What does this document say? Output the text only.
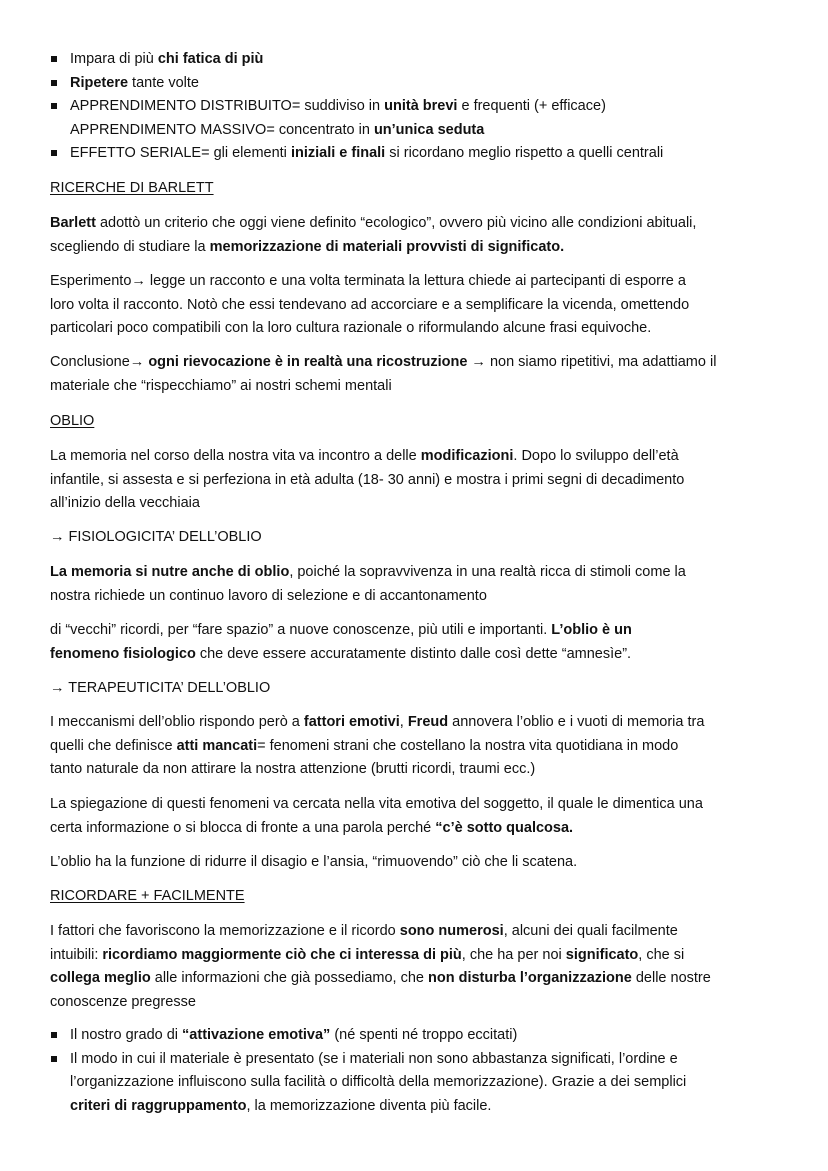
Impara di più chi fatica di più
Ripetere tante volte
APPRENDIMENTO DISTRIBUITO= suddiviso in unità brevi e frequenti (+ efficace)
APPRENDIMENTO MASSIVO= concentrato in un’unica seduta
EFFETTO SERIALE= gli elementi iniziali e finali si ricordano meglio rispetto a quelli centrali

RICERCHE DI BARLETT

Barlett adottò un criterio che oggi viene definito “ecologico”, ovvero più vicino alle condizioni abituali,
scegliendo di studiare la memorizzazione di materiali provvisti di significato.

Esperimento→ legge un racconto e una volta terminata la lettura chiede ai partecipanti di esporre a
loro volta il racconto. Notò che essi tendevano ad accorciare e a semplificare la vicenda, omettendo
particolari poco compatibili con la loro cultura razionale o riformulando alcune frasi equivoche.

Conclusione→ ogni rievocazione è in realtà una ricostruzione → non siamo ripetitivi, ma adattiamo il
materiale che “rispecchiamo” ai nostri schemi mentali

OBLIO

La memoria nel corso della nostra vita va incontro a delle modificazioni. Dopo lo sviluppo dell’età
infantile, si assesta e si perfeziona in età adulta (18- 30 anni) e mostra i primi segni di decadimento
all’inizio della vecchiaia

→ FISIOLOGICITA’ DELL’OBLIO

La memoria si nutre anche di oblio, poiché la sopravvivenza in una realtà ricca di stimoli come la
nostra richiede un continuo lavoro di selezione e di accantonamento

di “vecchi” ricordi, per “fare spazio” a nuove conoscenze, più utili e importanti. L’oblio è un
fenomeno fisiologico che deve essere accuratamente distinto dalle così dette “amnesìe”.

→ TERAPEUTICITA’ DELL’OBLIO

I meccanismi dell’oblio rispondo però a fattori emotivi, Freud annovera l’oblio e i vuoti di memoria tra
quelli che definisce atti mancati= fenomeni strani che costellano la nostra vita quotidiana in modo
tanto naturale da non attirare la nostra attenzione (brutti ricordi, traumi ecc.)

La spiegazione di questi fenomeni va cercata nella vita emotiva del soggetto, il quale le dimentica una
certa informazione o si blocca di fronte a una parola perché “c’è sotto qualcosa.

L’oblio ha la funzione di ridurre il disagio e l’ansia, “rimuovendo” ciò che li scatena.

RICORDARE + FACILMENTE

I fattori che favoriscono la memorizzazione e il ricordo sono numerosi, alcuni dei quali facilmente
intuibili: ricordiamo maggiormente ciò che ci interessa di più, che ha per noi significato, che si
collega meglio alle informazioni che già possediamo, che non disturba l’organizzazione delle nostre
conoscenze pregresse

Il nostro grado di “attivazione emotiva” (né spenti né troppo eccitati)
Il modo in cui il materiale è presentato (se i materiali non sono abbastanza significati, l’ordine e
l’organizzazione influiscono sulla facilità o difficoltà della memorizzazione). Grazie a dei semplici
criteri di raggruppamento, la memorizzazione diventa più facile.
